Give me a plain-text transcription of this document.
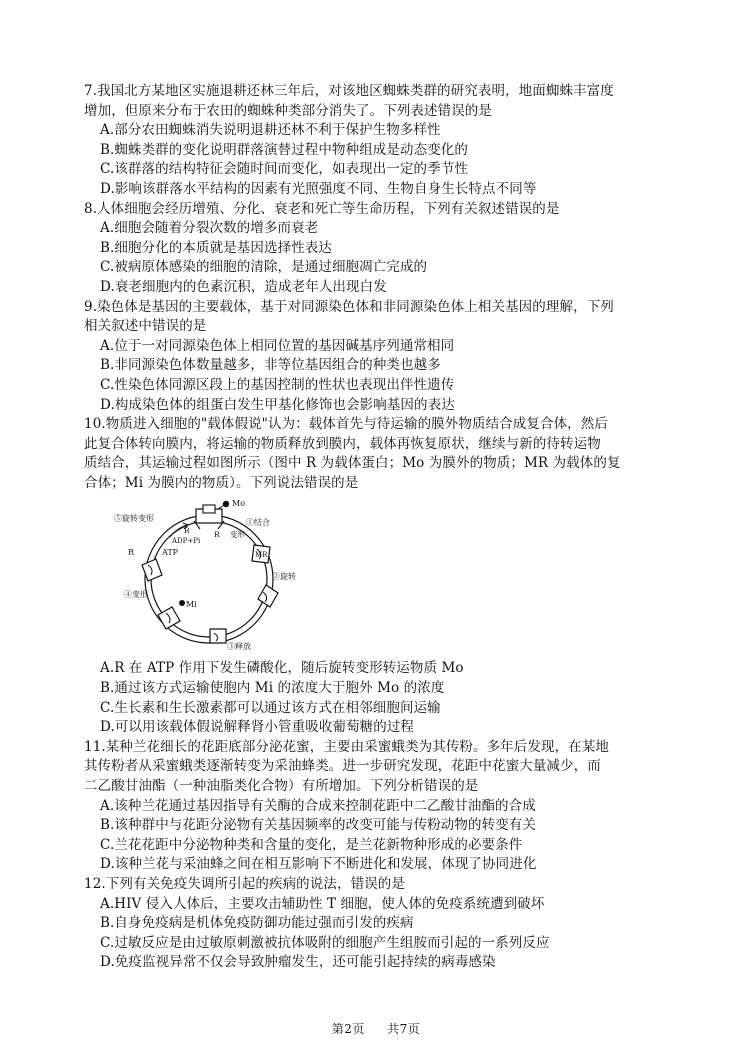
7.我国北方某地区实施退耕还林三年后，对该地区蜘蛛类群的研究表明，地面蜘蛛丰富度
增加，但原来分布于农田的蜘蛛种类部分消失了。下列表述错误的是
A.部分农田蜘蛛消失说明退耕还林不利于保护生物多样性
B.蜘蛛类群的变化说明群落演替过程中物种组成是动态变化的
C.该群落的结构特征会随时间而变化，如表现出一定的季节性
D.影响该群落水平结构的因素有光照强度不同、生物自身生长特点不同等
8.人体细胞会经历增殖、分化、衰老和死亡等生命历程，下列有关叙述错误的是
A.细胞会随着分裂次数的增多而衰老
B.细胞分化的本质就是基因选择性表达
C.被病原体感染的细胞的清除，是通过细胞凋亡完成的
D.衰老细胞内的色素沉积，造成老年人出现白发
9.染色体是基因的主要载体，基于对同源染色体和非同源染色体上相关基因的理解，下列
相关叙述中错误的是
A.位于一对同源染色体上相同位置的基因碱基序列通常相同
B.非同源染色体数量越多，非等位基因组合的种类也越多
C.性染色体同源区段上的基因控制的性状也表现出伴性遗传
D.构成染色体的组蛋白发生甲基化修饰也会影响基因的表达
10.物质进入细胞的"载体假说"认为：载体首先与待运输的膜外物质结合成复合体，然后
此复合体转向膜内，将运输的物质释放到膜内，载体再恢复原状，继续与新的待转运物
质结合，其运输过程如图所示（图中 R 为载体蛋白；Mo 为膜外的物质；MR 为载体的复
合体；Mi 为膜内的物质）。下列说法错误的是
Mo
①结合
R 变形
MR
②旋转
③释放
Mi
④变形
R	ATP
ADP+Pi
⑤旋转变形
R
A.R 在 ATP 作用下发生磷酸化，随后旋转变形转运物质 Mo
B.通过该方式运输使胞内 Mi 的浓度大于胞外 Mo 的浓度
C.生长素和生长激素都可以通过该方式在相邻细胞间运输
D.可以用该载体假说解释肾小管重吸收葡萄糖的过程
11.某种兰花细长的花距底部分泌花蜜，主要由采蜜蛾类为其传粉。多年后发现，在某地
其传粉者从采蜜蛾类逐渐转变为采油蜂类。进一步研究发现，花距中花蜜大量减少，而
二乙酸甘油酯（一种油脂类化合物）有所增加。下列分析错误的是
A.该种兰花通过基因指导有关酶的合成来控制花距中二乙酸甘油酯的合成
B.该种群中与花距分泌物有关基因频率的改变可能与传粉动物的转变有关
C.兰花花距中分泌物种类和含量的变化，是兰花新物种形成的必要条件
D.该种兰花与采油蜂之间在相互影响下不断进化和发展，体现了协同进化
12.下列有关免疫失调所引起的疾病的说法，错误的是
A.HIV 侵入人体后，主要攻击辅助性 T 细胞，使人体的免疫系统遭到破坏
B.自身免疫病是机体免疫防御功能过强而引发的疾病
C.过敏反应是由过敏原刺激被抗体吸附的细胞产生组胺而引起的一系列反应
D.免疫监视异常不仅会导致肿瘤发生，还可能引起持续的病毒感染
第2页 共7页
